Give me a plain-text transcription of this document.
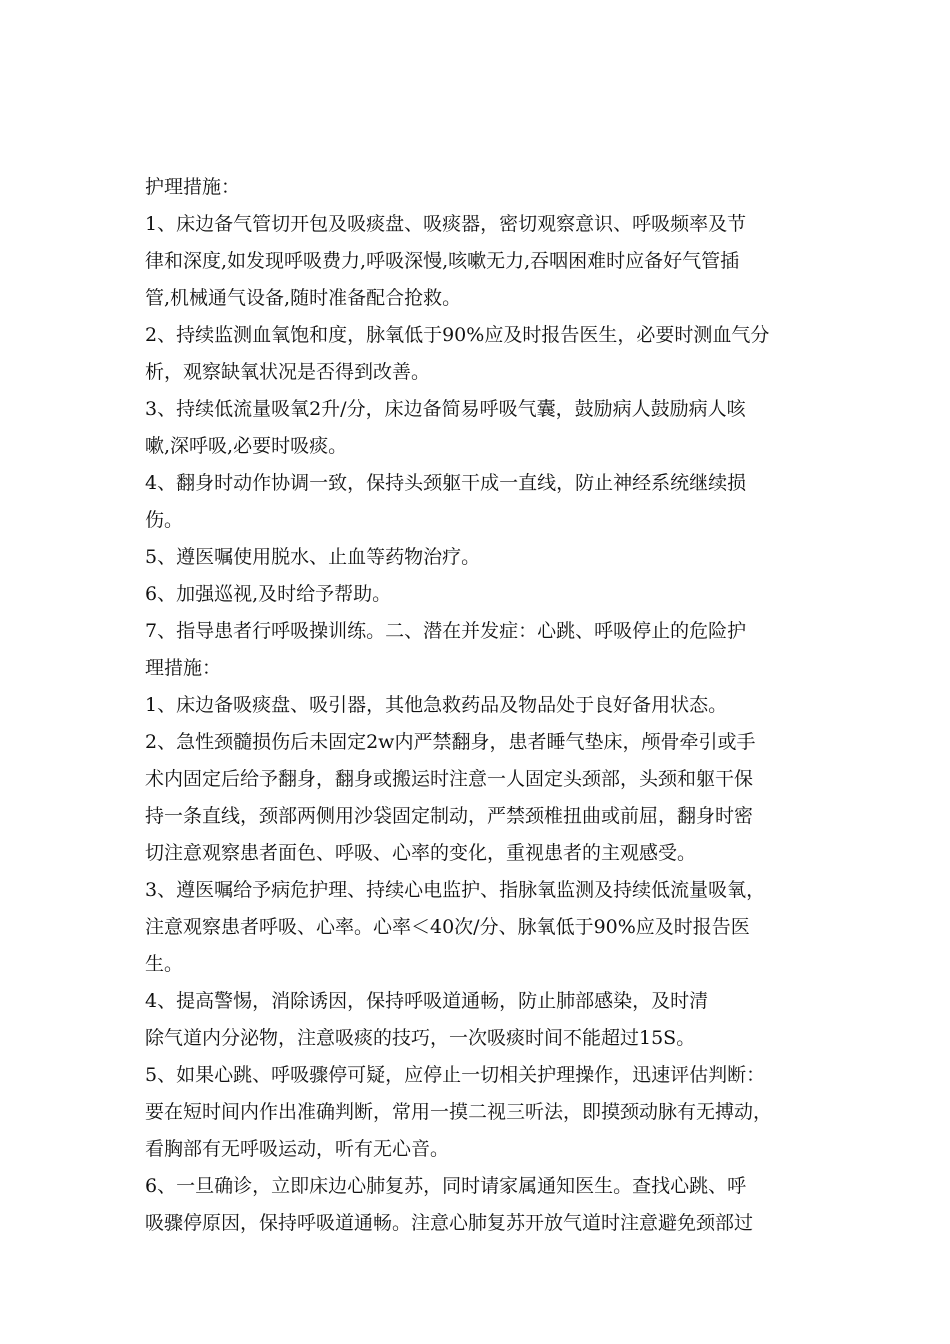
护理措施：
1、床边备气管切开包及吸痰盘、吸痰器，密切观察意识、呼吸频率及节
律和深度,如发现呼吸费力,呼吸深慢,咳嗽无力,吞咽困难时应备好气管插
管,机械通气设备,随时准备配合抢救。
2、持续监测血氧饱和度，脉氧低于90%应及时报告医生，必要时测血气分
析，观察缺氧状况是否得到改善。
3、持续低流量吸氧2升/分，床边备简易呼吸气囊，鼓励病人鼓励病人咳
嗽,深呼吸,必要时吸痰。
4、翻身时动作协调一致，保持头颈躯干成一直线，防止神经系统继续损
伤。
5、遵医嘱使用脱水、止血等药物治疗。
6、加强巡视,及时给予帮助。
7、指导患者行呼吸操训练。二、潜在并发症：心跳、呼吸停止的危险护
理措施：
1、床边备吸痰盘、吸引器，其他急救药品及物品处于良好备用状态。
2、急性颈髓损伤后未固定2w内严禁翻身，患者睡气垫床，颅骨牵引或手
术内固定后给予翻身，翻身或搬运时注意一人固定头颈部，头颈和躯干保
持一条直线，颈部两侧用沙袋固定制动，严禁颈椎扭曲或前屈，翻身时密
切注意观察患者面色、呼吸、心率的变化，重视患者的主观感受。
3、遵医嘱给予病危护理、持续心电监护、指脉氧监测及持续低流量吸氧，
注意观察患者呼吸、心率。心率＜40次/分、脉氧低于90%应及时报告医
生。
4、提高警惕，消除诱因，保持呼吸道通畅，防止肺部感染，及时清
除气道内分泌物，注意吸痰的技巧，一次吸痰时间不能超过15S。
5、如果心跳、呼吸骤停可疑，应停止一切相关护理操作，迅速评估判断：
要在短时间内作出准确判断，常用一摸二视三听法，即摸颈动脉有无搏动，
看胸部有无呼吸运动，听有无心音。
6、一旦确诊，立即床边心肺复苏，同时请家属通知医生。查找心跳、呼
吸骤停原因，保持呼吸道通畅。注意心肺复苏开放气道时注意避免颈部过
